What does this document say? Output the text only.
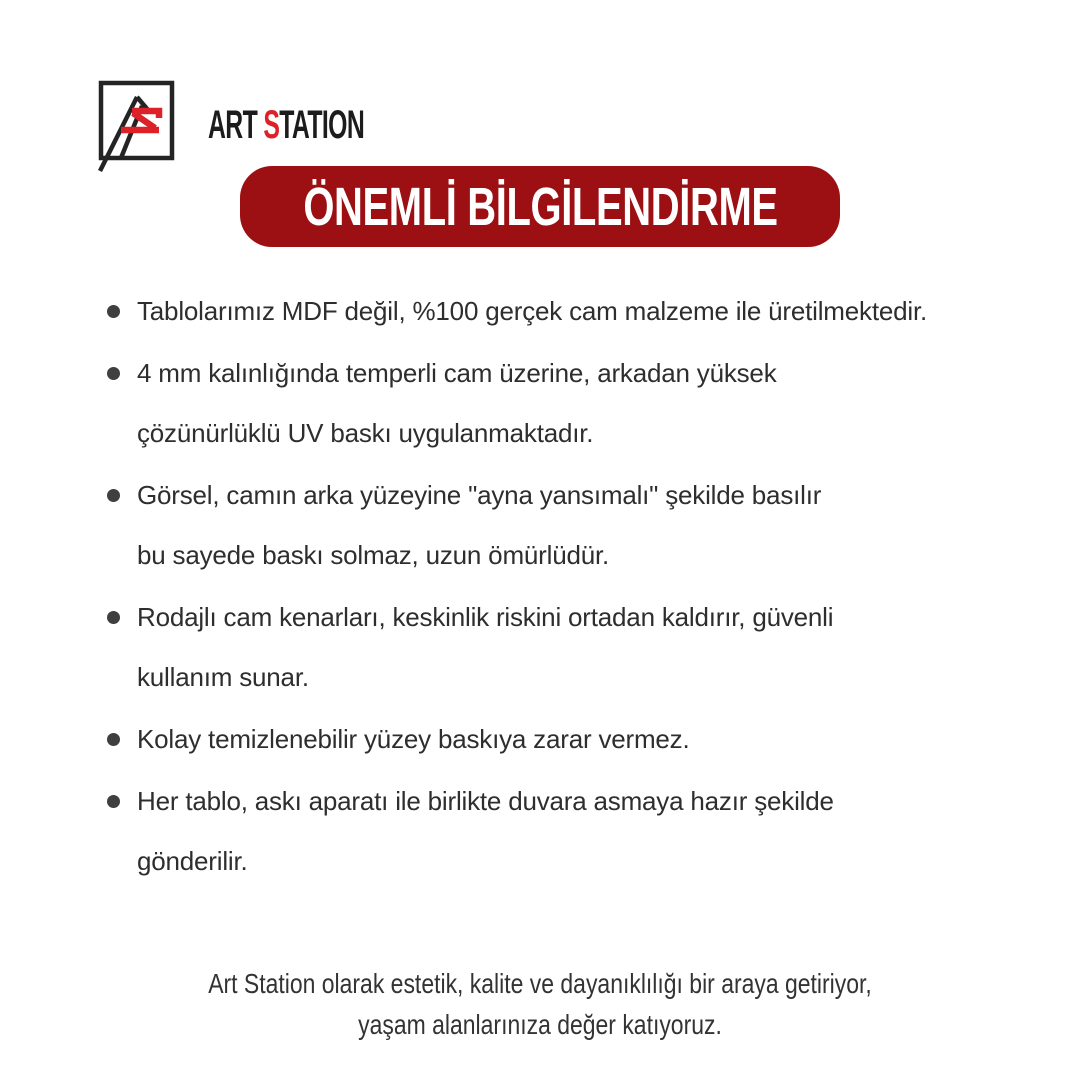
ART STATION
ÖNEMLİ BİLGİLENDİRME
Tablolarımız MDF değil, %100 gerçek cam malzeme ile üretilmektedir.
4 mm kalınlığında temperli cam üzerine, arkadan yüksek
çözünürlüklü UV baskı uygulanmaktadır.
Görsel, camın arka yüzeyine "ayna yansımalı" şekilde basılır
bu sayede baskı solmaz, uzun ömürlüdür.
Rodajlı cam kenarları, keskinlik riskini ortadan kaldırır, güvenli
kullanım sunar.
Kolay temizlenebilir yüzey baskıya zarar vermez.
Her tablo, askı aparatı ile birlikte duvara asmaya hazır şekilde
gönderilir.
Art Station olarak estetik, kalite ve dayanıklılığı bir araya getiriyor,
yaşam alanlarınıza değer katıyoruz.
